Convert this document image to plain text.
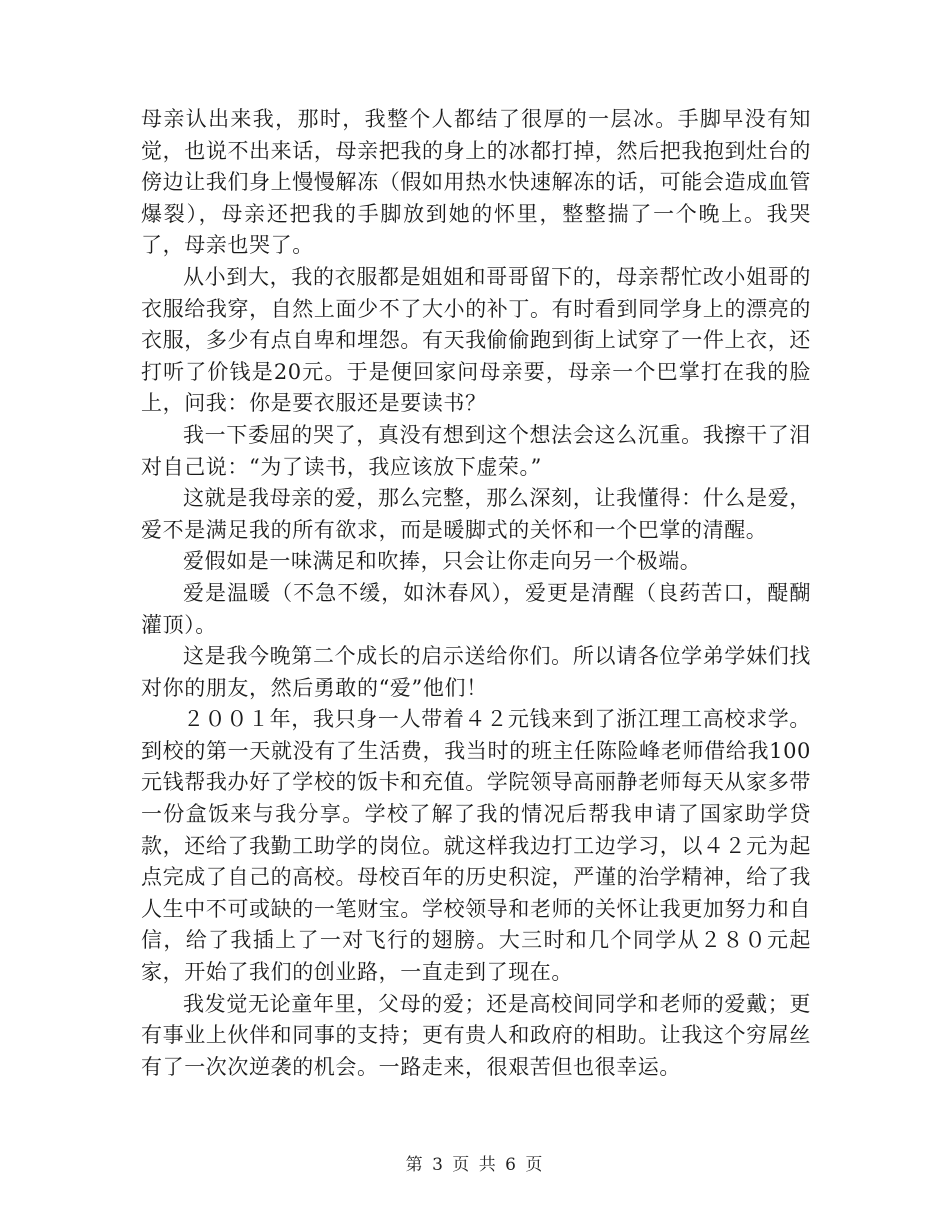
母亲认出来我，那时，我整个人都结了很厚的一层冰。手脚早没有知觉，也说不出来话，母亲把我的身上的冰都打掉，然后把我抱到灶台的傍边让我们身上慢慢解冻（假如用热水快速解冻的话，可能会造成血管爆裂），母亲还把我的手脚放到她的怀里，整整揣了一个晚上。我哭了，母亲也哭了。

从小到大，我的衣服都是姐姐和哥哥留下的，母亲帮忙改小姐哥的衣服给我穿，自然上面少不了大小的补丁。有时看到同学身上的漂亮的衣服，多少有点自卑和埋怨。有天我偷偷跑到街上试穿了一件上衣，还打听了价钱是20元。于是便回家问母亲要，母亲一个巴掌打在我的脸上，问我：你是要衣服还是要读书？

我一下委屈的哭了，真没有想到这个想法会这么沉重。我擦干了泪对自己说：“为了读书，我应该放下虚荣。”

这就是我母亲的爱，那么完整，那么深刻，让我懂得：什么是爱，爱不是满足我的所有欲求，而是暖脚式的关怀和一个巴掌的清醒。

爱假如是一味满足和吹捧，只会让你走向另一个极端。

爱是温暖（不急不缓，如沐春风），爱更是清醒（良药苦口，醍醐灌顶）。

这是我今晚第二个成长的启示送给你们。所以请各位学弟学妹们找对你的朋友，然后勇敢的“爱”他们！

２００１年，我只身一人带着４２元钱来到了浙江理工高校求学。到校的第一天就没有了生活费，我当时的班主任陈险峰老师借给我100元钱帮我办好了学校的饭卡和充值。学院领导高丽静老师每天从家多带一份盒饭来与我分享。学校了解了我的情况后帮我申请了国家助学贷款，还给了我勤工助学的岗位。就这样我边打工边学习，以４２元为起点完成了自己的高校。母校百年的历史积淀，严谨的治学精神，给了我人生中不可或缺的一笔财宝。学校领导和老师的关怀让我更加努力和自信，给了我插上了一对飞行的翅膀。大三时和几个同学从２８０元起家，开始了我们的创业路，一直走到了现在。

我发觉无论童年里，父母的爱；还是高校间同学和老师的爱戴；更有事业上伙伴和同事的支持；更有贵人和政府的相助。让我这个穷屌丝有了一次次逆袭的机会。一路走来，很艰苦但也很幸运。

第 3 页 共 6 页
